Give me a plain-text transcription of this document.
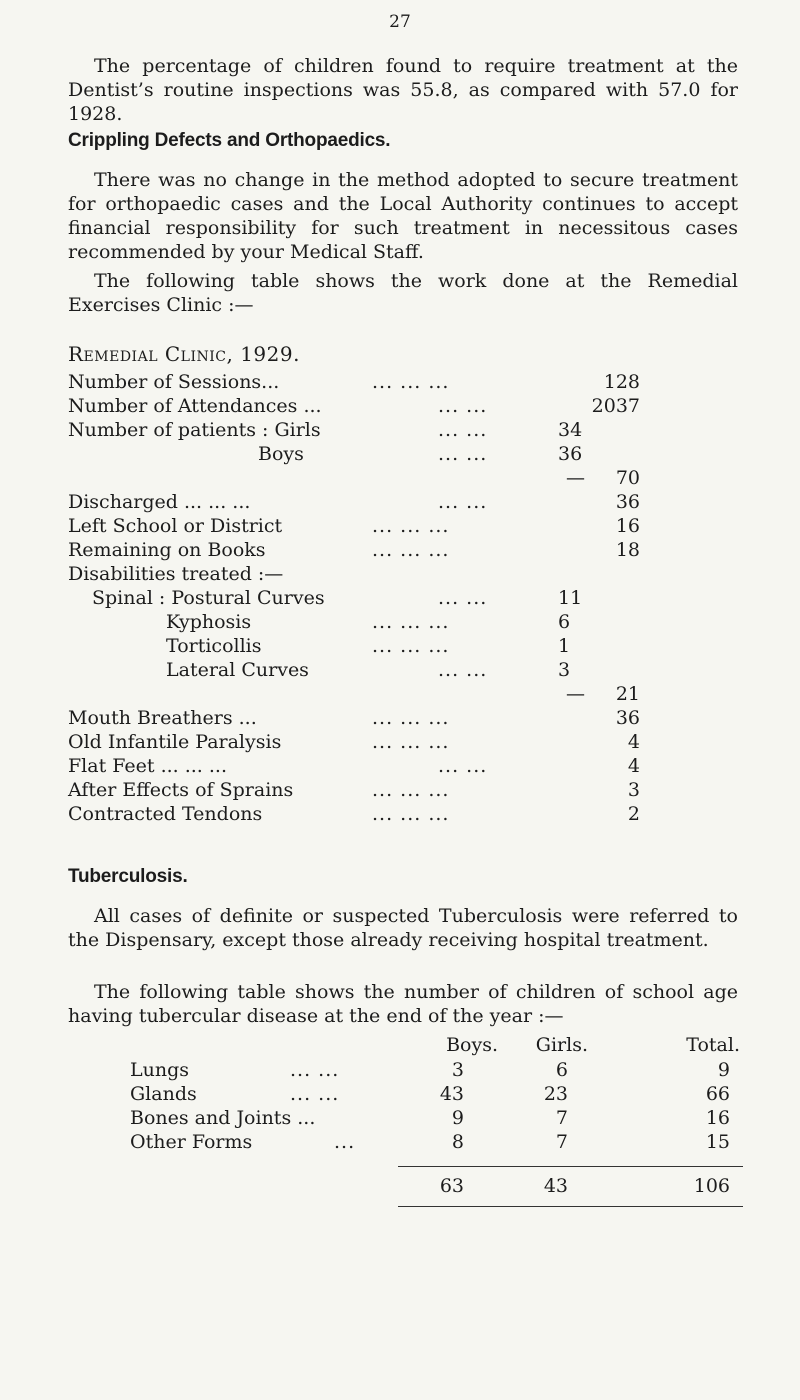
27

The percentage of children found to require treatment at the Dentist’s routine inspections was 55.8, as compared with 57.0 for 1928.

Crippling Defects and Orthopaedics.

There was no change in the method adopted to secure treatment for orthopaedic cases and the Local Authority continues to accept financial responsibility for such treatment in necessitous cases recommended by your Medical Staff.

The following table shows the work done at the Remedial Exercises Clinic :—

Remedial Clinic, 1929.
Number of Sessions...	... ... ...	128
Number of Attendances ...	... ...	2037
Number of patients : Girls	... ...	34
Boys	... ...	36
—	70
Discharged ... ... ...	... ...	36
Left School or District	... ... ...	16
Remaining on Books	... ... ...	18
Disabilities treated :—
Spinal : Postural Curves	... ...	11
Kyphosis	... ... ...	6
Torticollis	... ... ...	1
Lateral Curves	... ...	3
—	21
Mouth Breathers ...	... ... ...	36
Old Infantile Paralysis	... ... ...	4
Flat Feet ... ... ...	... ...	4
After Effects of Sprains	... ... ...	3
Contracted Tendons	... ... ...	2
Tuberculosis.

All cases of definite or suspected Tuberculosis were referred to the Dispensary, except those already receiving hospital treatment.

The following table shows the number of children of school age having tubercular disease at the end of the year :—

Boys.	Girls.	Total.
Lungs	... ...	3	6	9
Glands	... ...	43	23	66
Bones and Joints ...	9	7	16
Other Forms	...	8	7	15
63	43	106
